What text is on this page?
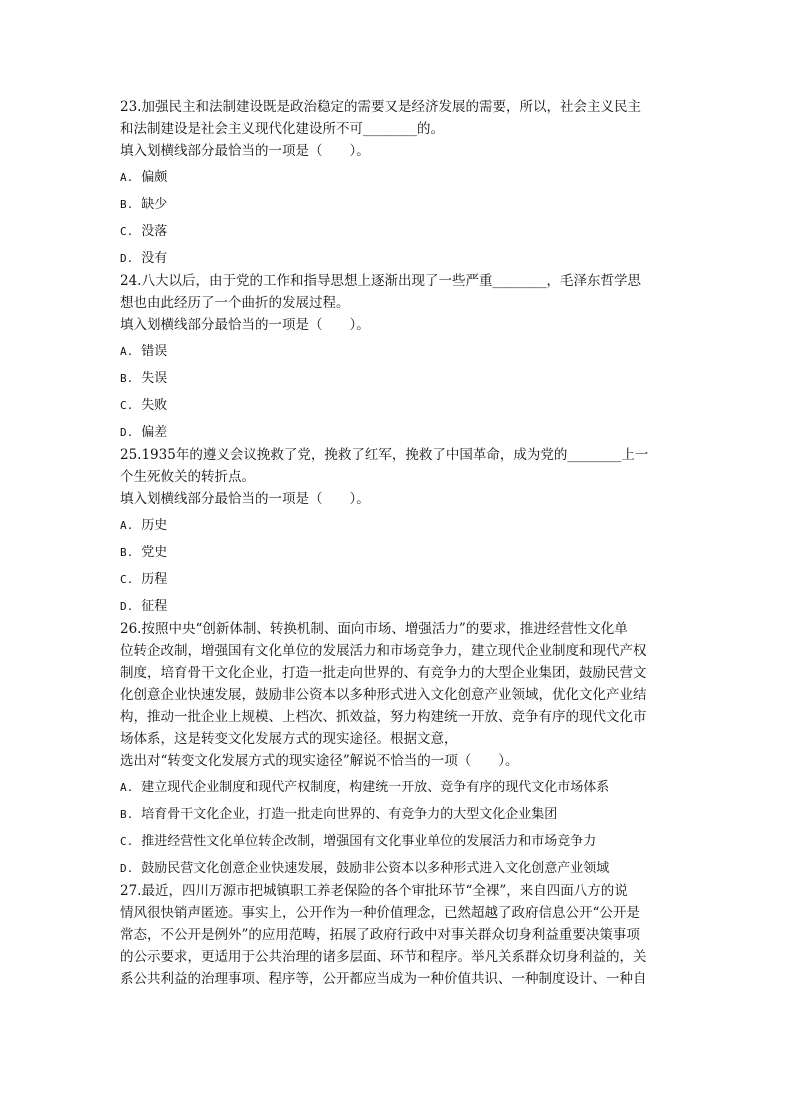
23.加强民主和法制建设既是政治稳定的需要又是经济发展的需要，所以，社会主义民主

和法制建设是社会主义现代化建设所不可________的。

填入划横线部分最恰当的一项是（　　）。

A. 偏颇

B. 缺少

C. 没落

D. 没有

24.八大以后，由于党的工作和指导思想上逐渐出现了一些严重________，毛泽东哲学思

想也由此经历了一个曲折的发展过程。

填入划横线部分最恰当的一项是（　　）。

A. 错误

B. 失误

C. 失败

D. 偏差

25.1935年的遵义会议挽救了党，挽救了红军，挽救了中国革命，成为党的________上一

个生死攸关的转折点。

填入划横线部分最恰当的一项是（　　）。

A. 历史

B. 党史

C. 历程

D. 征程

26.按照中央“创新体制、转换机制、面向市场、增强活力”的要求，推进经营性文化单

位转企改制，增强国有文化单位的发展活力和市场竞争力，建立现代企业制度和现代产权

制度，培育骨干文化企业，打造一批走向世界的、有竞争力的大型企业集团，鼓励民营文

化创意企业快速发展，鼓励非公资本以多种形式进入文化创意产业领域，优化文化产业结

构，推动一批企业上规模、上档次、抓效益，努力构建统一开放、竞争有序的现代文化市

场体系，这是转变文化发展方式的现实途径。根据文意，

选出对“转变文化发展方式的现实途径”解说不恰当的一项（　　）。

A. 建立现代企业制度和现代产权制度，构建统一开放、竞争有序的现代文化市场体系

B. 培育骨干文化企业，打造一批走向世界的、有竞争力的大型文化企业集团

C. 推进经营性文化单位转企改制，增强国有文化事业单位的发展活力和市场竞争力

D. 鼓励民营文化创意企业快速发展，鼓励非公资本以多种形式进入文化创意产业领域

27.最近，四川万源市把城镇职工养老保险的各个审批环节“全裸”，来自四面八方的说

情风很快销声匿迹。事实上，公开作为一种价值理念，已然超越了政府信息公开“公开是

常态，不公开是例外”的应用范畴，拓展了政府行政中对事关群众切身利益重要决策事项

的公示要求，更适用于公共治理的诸多层面、环节和程序。举凡关系群众切身利益的，关

系公共利益的治理事项、程序等，公开都应当成为一种价值共识、一种制度设计、一种自
